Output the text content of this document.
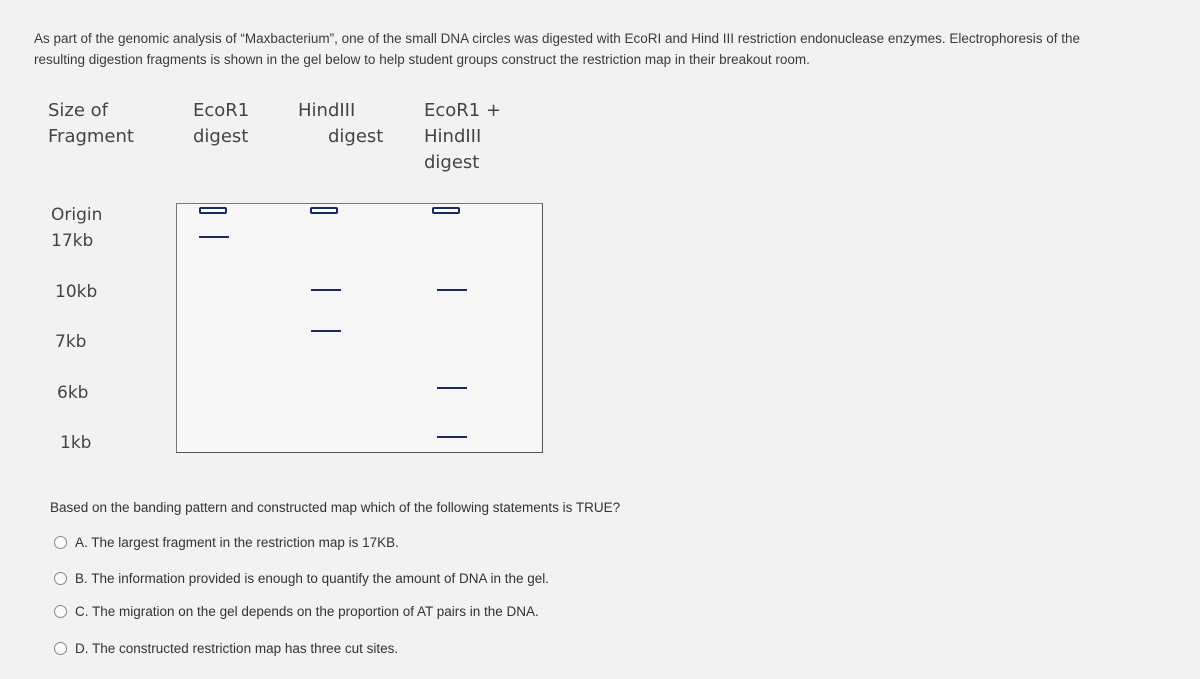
As part of the genomic analysis of “Maxbacterium”, one of the small DNA circles was digested with EcoRI and Hind III restriction endonuclease enzymes. Electrophoresis of the
resulting digestion fragments is shown in the gel below to help student groups construct the restriction map in their breakout room.

Size of
Fragment
EcoR1
digest
HindIII
digest
EcoR1 +
HindIII
digest
Origin
17kb
10kb
7kb
6kb
1kb
Based on the banding pattern and constructed map which of the following statements is TRUE?
A. The largest fragment in the restriction map is 17KB.
B. The information provided is enough to quantify the amount of DNA in the gel.
C. The migration on the gel depends on the proportion of AT pairs in the DNA.
D. The constructed restriction map has three cut sites.
